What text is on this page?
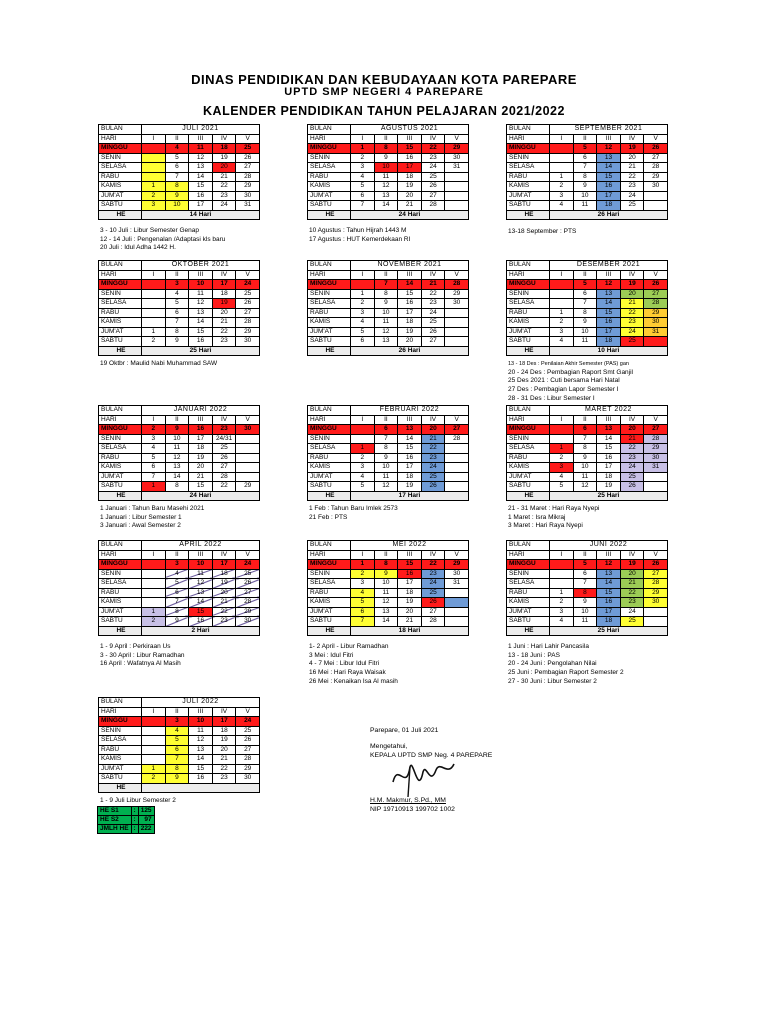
DINAS PENDIDIKAN DAN KEBUDAYAAN KOTA PAREPARE
UPTD SMP NEGERI 4 PAREPARE
KALENDER PENDIDIKAN TAHUN PELAJARAN 2021/2022
BULAN	JULI 2021				
HARI	I	II	III	IV	V
MINGGU		4	11	18	25
SENIN		5	12	19	26
SELASA		6	13	20	27
RABU		7	14	21	28
KAMIS	1	8	15	22	29
JUM'AT	2	9	16	23	30
SABTU	3	10	17	24	31
HE	14 Hari				
BULAN	AGUSTUS 2021				
HARI	I	II	III	IV	V
MINGGU	1	8	15	22	29
SENIN	2	9	16	23	30
SELASA	3	10	17	24	31
RABU	4	11	18	25	
KAMIS	5	12	19	26	
JUM'AT	6	13	20	27	
SABTU	7	14	21	28	
HE	24 Hari				
BULAN	SEPTEMBER 2021				
HARI	I	II	III	IV	V
MINGGU		5	12	19	26
SENIN		6	13	20	27
SELASA		7	14	21	28
RABU	1	8	15	22	29
KAMIS	2	9	16	23	30
JUM'AT	3	10	17	24	
SABTU	4	11	18	25	
HE	26 Hari				
BULAN	OKTOBER 2021				
HARI	I	II	III	IV	V
MINGGU		3	10	17	24
SENIN		4	11	18	25
SELASA		5	12	19	26
RABU		6	13	20	27
KAMIS		7	14	21	28
JUM'AT	1	8	15	22	29
SABTU	2	9	16	23	30
HE	25 Hari				
BULAN	NOVEMBER 2021				
HARI	I	II	III	IV	V
MINGGU		7	14	21	28
SENIN	1	8	15	22	29
SELASA	2	9	16	23	30
RABU	3	10	17	24	
KAMIS	4	11	18	25	
JUM'AT	5	12	19	26	
SABTU	6	13	20	27	
HE	26 Hari				
BULAN	DESEMBER 2021				
HARI	I	II	III	IV	V
MINGGU		5	12	19	26
SENIN		6	13	20	27
SELASA		7	14	21	28
RABU	1	8	15	22	29
KAMIS	2	9	16	23	30
JUM'AT	3	10	17	24	31
SABTU	4	11	18	25	
HE	10 Hari				
BULAN	JANUARI 2022				
HARI	I	II	III	IV	V
MINGGU	2	9	16	23	30
SENIN	3	10	17	24/31	
SELASA	4	11	18	25	
RABU	5	12	19	26	
KAMIS	6	13	20	27	
JUM'AT	7	14	21	28	
SABTU	1	8	15	22	29
HE	24 Hari				
BULAN	FEBRUARI 2022				
HARI	I	II	III	IV	V
MINGGU		6	13	20	27
SENIN		7	14	21	28
SELASA	1	8	15	22	
RABU	2	9	16	23	
KAMIS	3	10	17	24	
JUM'AT	4	11	18	25	
SABTU	5	12	19	26	
HE	17 Hari				
BULAN	MARET 2022				
HARI	I	II	III	IV	V
MINGGU		6	13	20	27
SENIN		7	14	21	28
SELASA	1	8	15	22	29
RABU	2	9	16	23	30
KAMIS	3	10	17	24	31
JUM'AT	4	11	18	25	
SABTU	5	12	19	26	
HE	25 Hari				
BULAN	APRIL 2022				
HARI	I	II	III	IV	V
MINGGU		3	10	17	24
SENIN		4	11	18	25
SELASA		5	12	19	26
RABU		6	13	20	27
KAMIS		7	14	21	28
JUM'AT	1	8	15	22	29
SABTU	2	9	16	23	30
HE	2 Hari				
BULAN	MEI 2022				
HARI	I	II	III	IV	V
MINGGU	1	8	15	22	29
SENIN	2	9	16	23	30
SELASA	3	10	17	24	31
RABU	4	11	18	25	
KAMIS	5	12	19	26	
JUM'AT	6	13	20	27	
SABTU	7	14	21	28	
HE	18 Hari				
BULAN	JUNI 2022				
HARI	I	II	III	IV	V
MINGGU		5	12	19	26
SENIN		6	13	20	27
SELASA		7	14	21	28
RABU	1	8	15	22	29
KAMIS	2	9	16	23	30
JUM'AT	3	10	17	24	
SABTU	4	11	18	25	
HE	25 Hari				
BULAN	JULI 2022				
HARI	I	II	III	IV	V
MINGGU		3	10	17	24
SENIN		4	11	18	25
SELASA		5	12	19	26
RABU		6	13	20	27
KAMIS		7	14	21	28
JUM'AT	1	8	15	22	29
SABTU	2	9	16	23	30
HE					
3 - 10 Juli : Libur Semester Genap
12 - 14 Juli : Pengenalan /Adaptasi kls baru
20 Juli : Idul Adha 1442 H.
10 Agustus : Tahun Hijrah 1443 M
17 Agustus : HUT Kemerdekaan RI
13-18 September : PTS
19 Oktbr : Maulid Nabi Muhammad SAW	13 - 18 Des : Penilaian Akhir Semester (PAS) gan
20 - 24 Des : Pembagian Raport Smt Ganjil
25 Des 2021 : Cuti bersama Hari Natal
27 Des : Pembagian Lapor Semester I
28 - 31 Des : Libur Semester I
1 Januari : Tahun Baru Masehi 2021
1 Januari : Libur Semester 1
3 Januari : Awal Semester 2
1 Feb : Tahun Baru Imlek 2573
21 Feb : PTS
21 - 31 Maret : Hari Raya Nyepi
1 Maret : Isra Mikraj
3 Maret : Hari Raya Nyepi
1 - 9 April : Perkiraan Us
3 - 30 April : Libur Ramadhan
16 April : Wafatnya Al Masih
1- 2 April - Libur Ramadhan
3 Mei : Idul Fitri
4 - 7 Mei : Libur Idul Fitri
16 Mei : Hari Raya Waisak
26 Mei : Kenaikan Isa Al masih
1 Juni : Hari Lahir Pancasila
13 - 18 Juni : PAS
20 - 24 Juni : Pengolahan Nilai
25 Juni : Pembagian Raport Semester 2
27 - 30 Juni : Libur Semester 2
1 - 9 Juli Libur Semester 2
HE S1	:	125
HE S2	:	97
JMLH HE	:	222
Parepare, 01 Juli 2021
Mengetahui,
KEPALA UPTD SMP Neg. 4 PAREPARE
H.M. Makmur, S.Pd., MM
NIP 19710913 199702 1002
